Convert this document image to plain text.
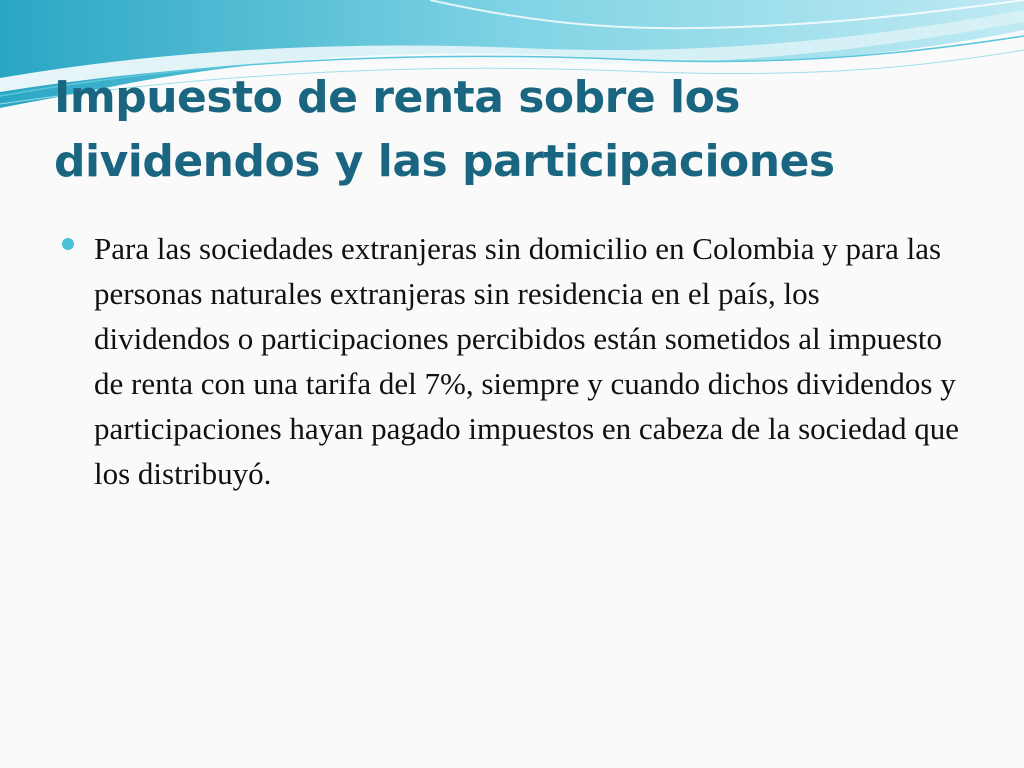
Impuesto de renta sobre los dividendos y las participaciones

Para las sociedades extranjeras sin domicilio en Colombia y para las personas naturales extranjeras sin residencia en el país, los dividendos o participaciones percibidos están sometidos al impuesto de renta con una tarifa del 7%, siempre y cuando dichos dividendos y participaciones hayan pagado impuestos en cabeza de la sociedad que los distribuyó.
